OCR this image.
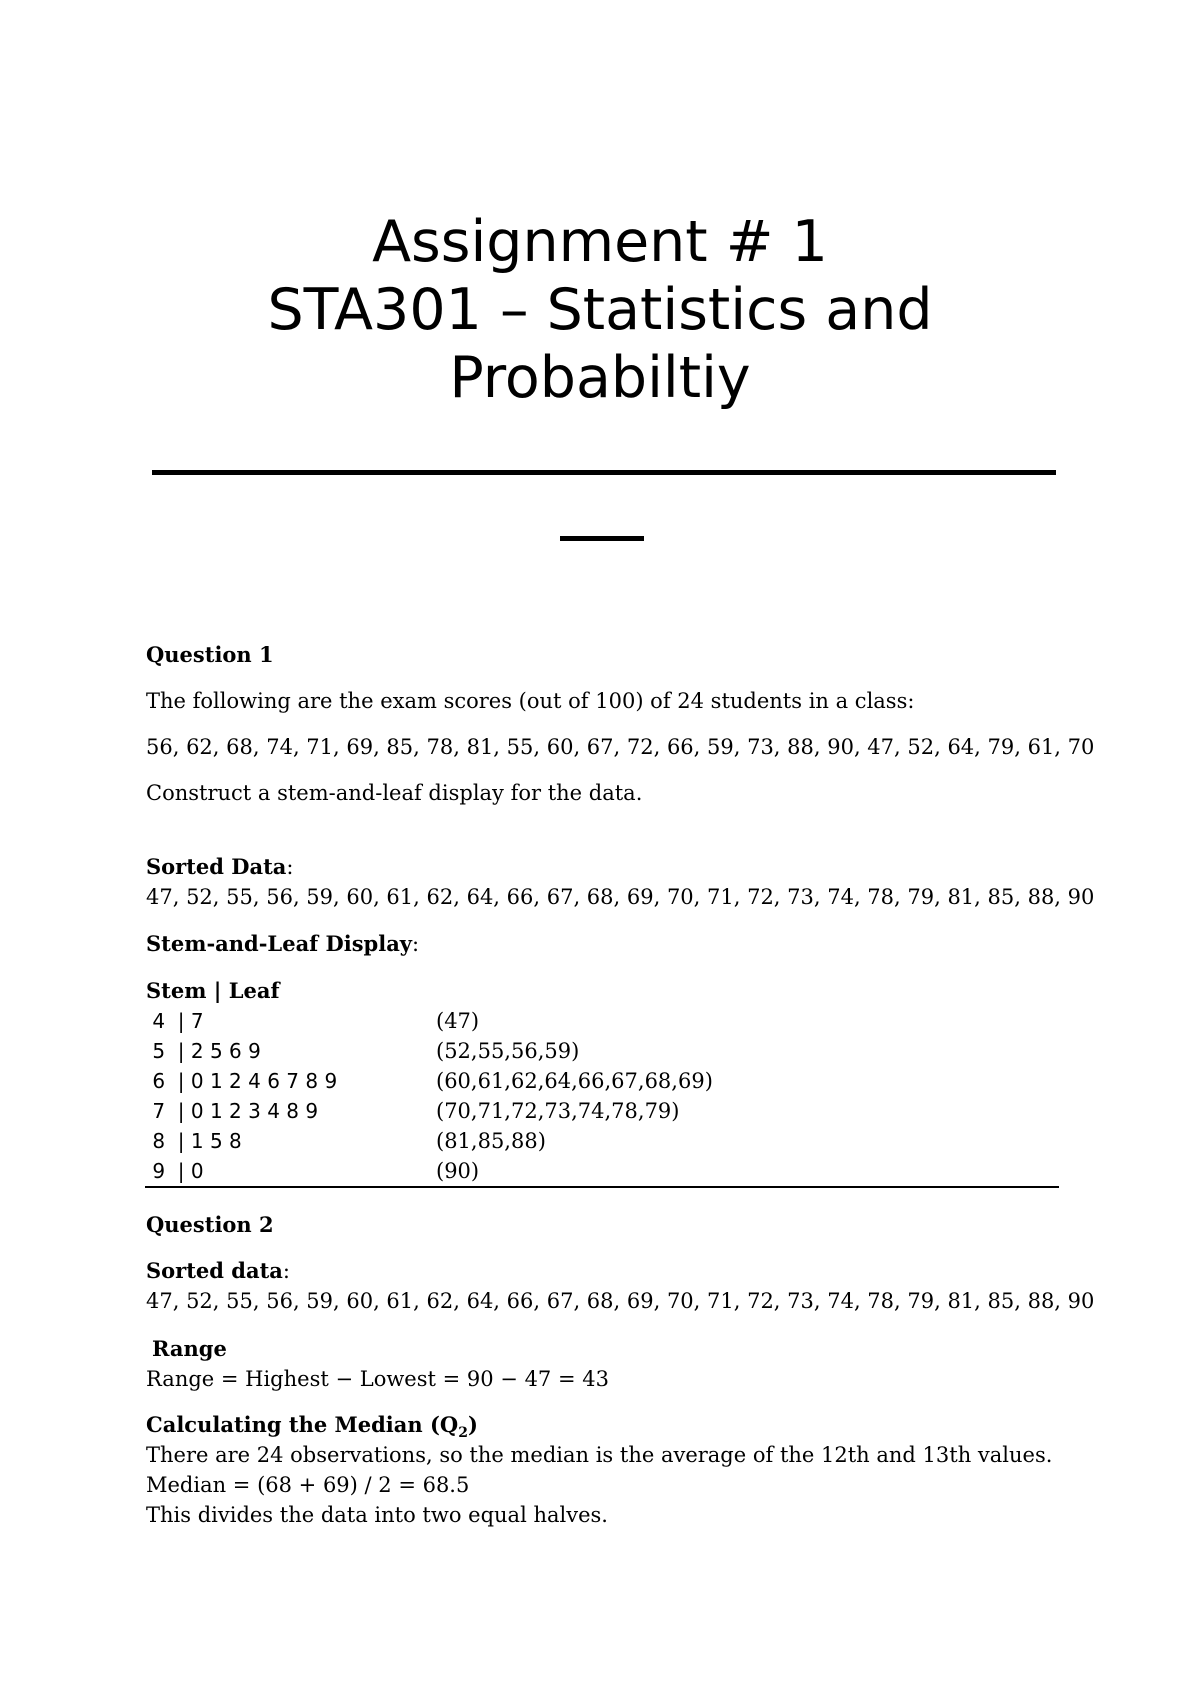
Assignment # 1
STA301 – Statistics and
Probabiltiy
Question 1
The following are the exam scores (out of 100) of 24 students in a class:
56, 62, 68, 74, 71, 69, 85, 78, 81, 55, 60, 67, 72, 66, 59, 73, 88, 90, 47, 52, 64, 79, 61, 70
Construct a stem-and-leaf display for the data.
Sorted Data:
47, 52, 55, 56, 59, 60, 61, 62, 64, 66, 67, 68, 69, 70, 71, 72, 73, 74, 78, 79, 81, 85, 88, 90
Stem-and-Leaf Display:
Stem | Leaf
4  | 7	(47)
5  | 2 5 6 9	(52,55,56,59)
6  | 0 1 2 4 6 7 8 9	(60,61,62,64,66,67,68,69)
7  | 0 1 2 3 4 8 9	(70,71,72,73,74,78,79)
8  | 1 5 8	(81,85,88)
9  | 0	(90)
Question 2
Sorted data:
47, 52, 55, 56, 59, 60, 61, 62, 64, 66, 67, 68, 69, 70, 71, 72, 73, 74, 78, 79, 81, 85, 88, 90
Range
Range = Highest − Lowest = 90 − 47 = 43
Calculating the Median $(Q_2)$
There are 24 observations, so the median is the average of the 12th and 13th values.
Median = (68 + 69) / 2 = 68.5
This divides the data into two equal halves.
